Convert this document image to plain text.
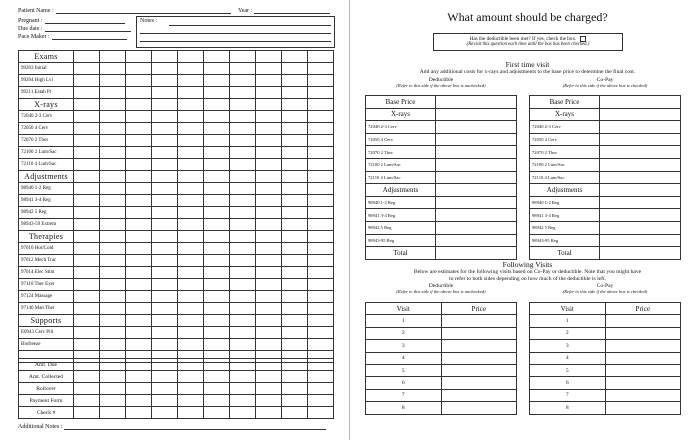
Patient Name :	Year :
Pregnant :
Due date :
Pace Maker :
Notes :
Exams										
99203 Initial										
99204 High Lvl										
99211 Estab Pt										
X-rays										
72040 2-3 Cerv										
72050 4 Cerv										
72070 2 Thor										
72100 2 Lum/Sac										
72110 4 Lum/Sac										
Adjustments										
98940 1-2 Reg										
98941 3-4 Reg										
98942 5 Reg										
98943-59 Extrem										
Therapies										
97010 Hot/Cold										
97012 Mech Trac										
97014 Elec Stim										
97110 Ther Exer										
97124 Massage										
97140 Man Ther										
Supports										
E0943 Cerv Pill										
Biofreeze										

Amt. Due										
Amt. Collected										
Rollover										
Payment Form										
Check #										
Additional Notes :
What amount should be charged?
Has the deductible been met? If yes, check the box.
(Revisit this question each time until the box has been checked.)
First time visit
Add any additional costs for x-rays and adjustments to the base price to determine the final cost.
Deductible
(Refer to this side if the above box is unchecked)
Co-Pay
(Refer to this side if the above box is checked)
Base Price	
X-rays	
72040 2-3 Cerv	
72050 4 Cerv	
72070 2 Thor	
72100 2 Lum/Sac	
72110 4 Lum/Sac	
Adjustments	
98940 1-2 Reg	
98941 3-4 Reg	
98942 5 Reg	
98943-95 Reg	
Total	
Base Price	
X-rays	
72040 2-3 Cerv	
72050 4 Cerv	
72070 2 Thor	
72100 2 Lum/Sac	
72110 4 Lum/Sac	
Adjustments	
98940 1-2 Reg	
98941 3-4 Reg	
98942 5 Reg	
98943-95 Reg	
Total	
Following Visits
Below are estimates for the following visits based on Co-Pay or deductible. Note that you might have
to refer to both sides depending on how much of the deductible is left.
Deductible
(Refer to this side if the above box is unchecked)
Co-Pay
(Refer to this side if the above box is checked)
Visit	Price
1	
2	
3	
4	
5	
6	
7	
8	
Visit	Price
1	
2	
3	
4	
5	
6	
7	
8	
